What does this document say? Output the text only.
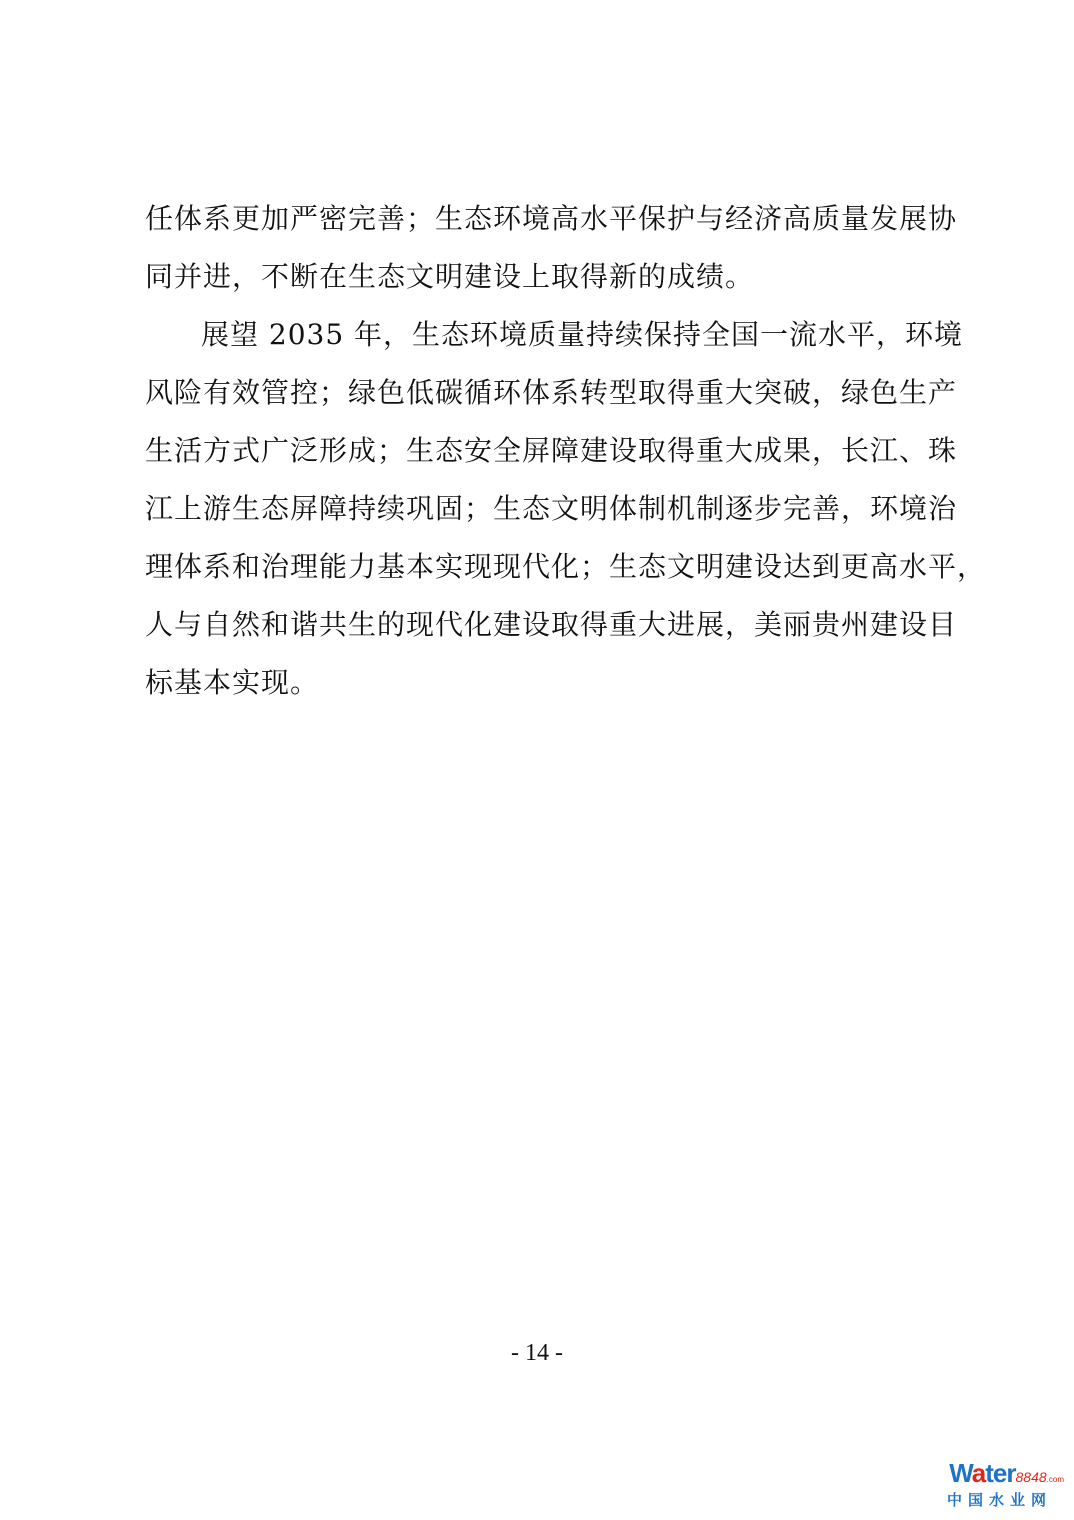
任体系更加严密完善；生态环境高水平保护与经济高质量发展协
同并进，不断在生态文明建设上取得新的成绩。
展望 2035 年，生态环境质量持续保持全国一流水平，环境
风险有效管控；绿色低碳循环体系转型取得重大突破，绿色生产
生活方式广泛形成；生态安全屏障建设取得重大成果，长江、珠
江上游生态屏障持续巩固；生态文明体制机制逐步完善，环境治
理体系和治理能力基本实现现代化；生态文明建设达到更高水平，
人与自然和谐共生的现代化建设取得重大进展，美丽贵州建设目
标基本实现。
- 14 -
Water8848.com
中国水业网
